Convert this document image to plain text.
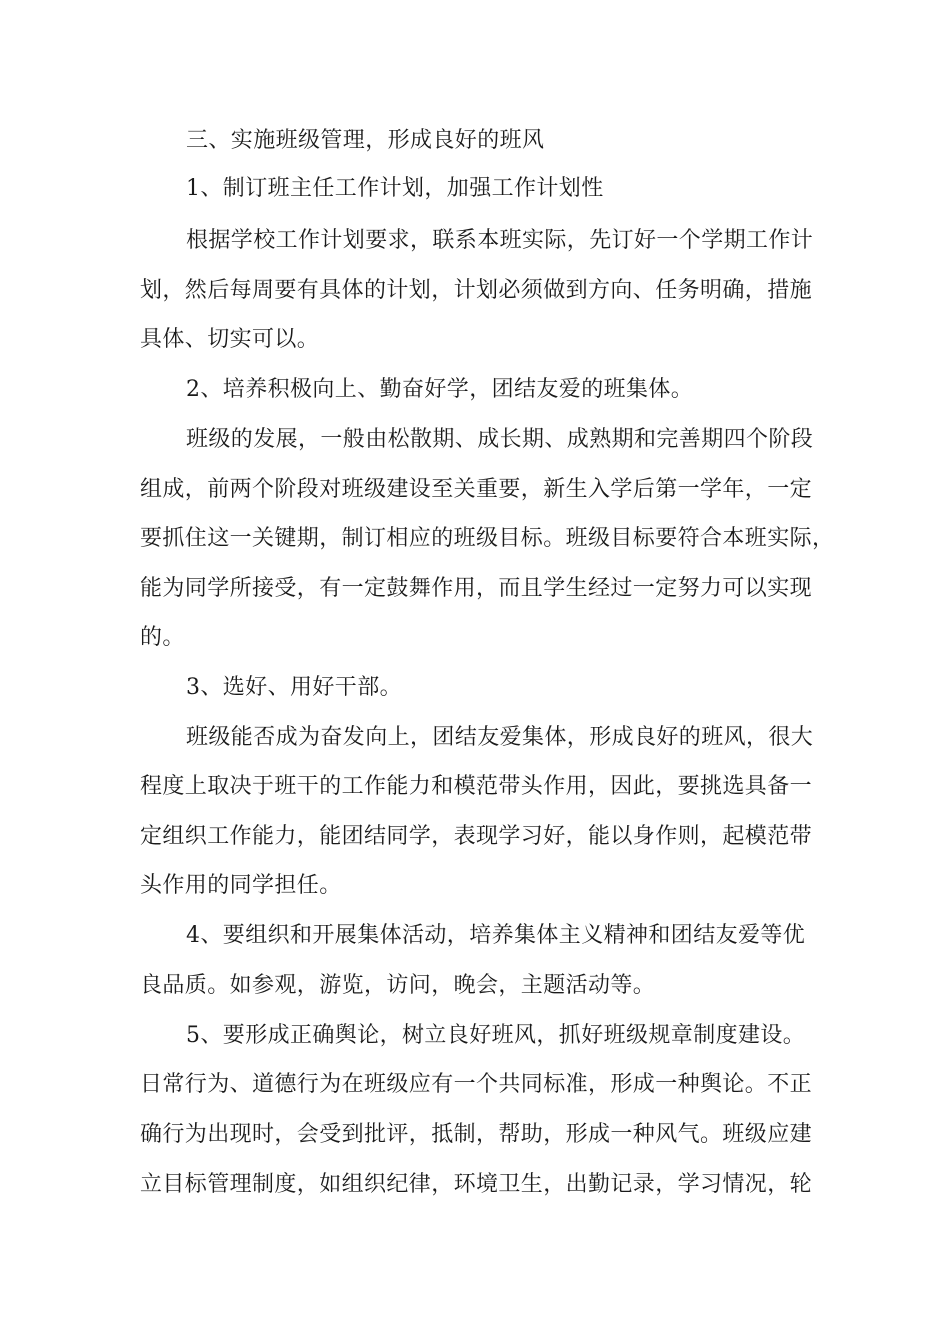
三、实施班级管理，形成良好的班风
1、制订班主任工作计划，加强工作计划性
根据学校工作计划要求，联系本班实际，先订好一个学期工作计
划，然后每周要有具体的计划，计划必须做到方向、任务明确，措施
具体、切实可以。
2、培养积极向上、勤奋好学，团结友爱的班集体。
班级的发展，一般由松散期、成长期、成熟期和完善期四个阶段
组成，前两个阶段对班级建设至关重要，新生入学后第一学年，一定
要抓住这一关键期，制订相应的班级目标。班级目标要符合本班实际，
能为同学所接受，有一定鼓舞作用，而且学生经过一定努力可以实现
的。
3、选好、用好干部。
班级能否成为奋发向上，团结友爱集体，形成良好的班风，很大
程度上取决于班干的工作能力和模范带头作用，因此，要挑选具备一
定组织工作能力，能团结同学，表现学习好，能以身作则，起模范带
头作用的同学担任。
4、要组织和开展集体活动，培养集体主义精神和团结友爱等优
良品质。如参观，游览，访问，晚会，主题活动等。
5、要形成正确舆论，树立良好班风，抓好班级规章制度建设。
日常行为、道德行为在班级应有一个共同标准，形成一种舆论。不正
确行为出现时，会受到批评，抵制，帮助，形成一种风气。班级应建
立目标管理制度，如组织纪律，环境卫生，出勤记录，学习情况，轮
